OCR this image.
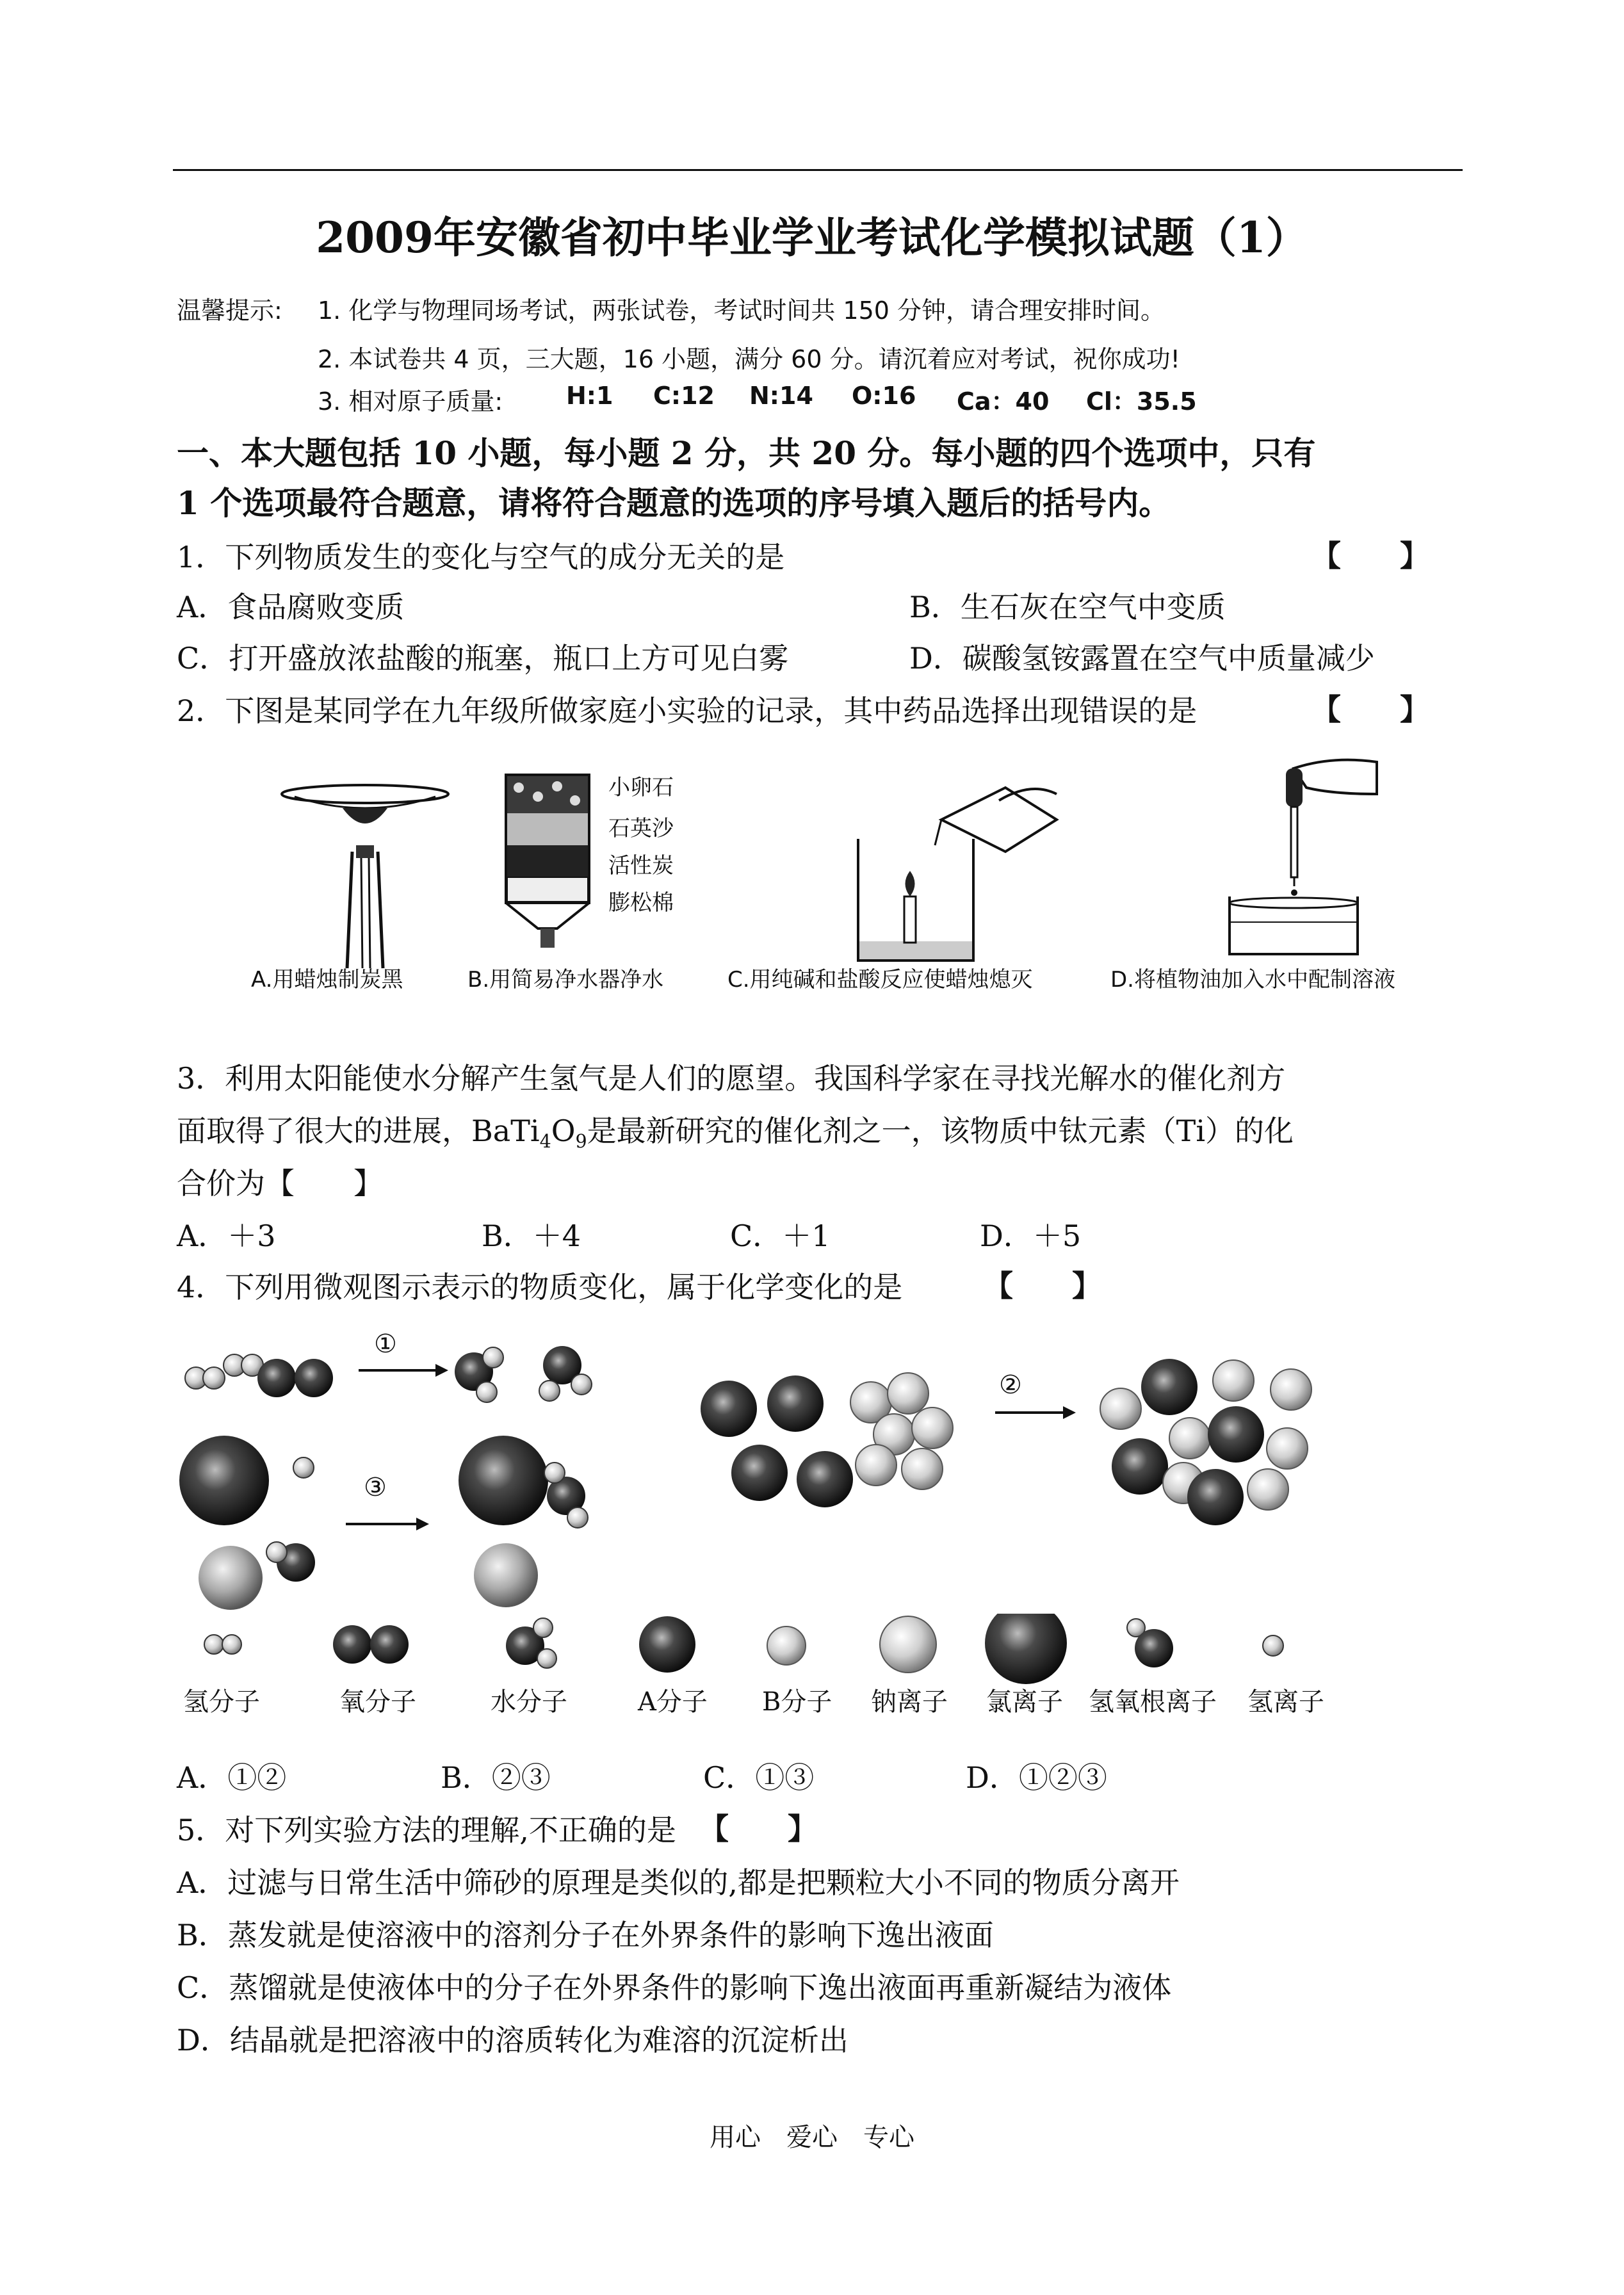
2009年安徽省初中毕业学业考试化学模拟试题（1）
温馨提示: 1. 化学与物理同场考试，两张试卷，考试时间共 150 分钟，请合理安排时间。
2. 本试卷共 4 页，三大题，16 小题，满分 60 分。请沉着应对考试，祝你成功!
3. 相对原子质量:	H:1 C:12 N:14 O:16 Ca：40 Cl：35.5
一、本大题包括 10 小题，每小题 2 分，共 20 分。每小题的四个选项中，只有
1 个选项最符合题意，请将符合题意的选项的序号填入题后的括号内。
1．下列物质发生的变化与空气的成分无关的是	【　　】
A．食品腐败变质	B．生石灰在空气中变质
C．打开盛放浓盐酸的瓶塞，瓶口上方可见白雾	D．碳酸氢铵露置在空气中质量减少
2．下图是某同学在九年级所做家庭小实验的记录，其中药品选择出现错误的是	【　　】
小卵石
石英沙
活性炭
膨松棉
A.用蜡烛制炭黑	B.用简易净水器净水	C.用纯碱和盐酸反应使蜡烛熄灭	D.将植物油加入水中配制溶液
3．利用太阳能使水分解产生氢气是人们的愿望。我国科学家在寻找光解水的催化剂方
面取得了很大的进展，$BaTi_4O_9$是最新研究的催化剂之一，该物质中钛元素（Ti）的化
合价为【　　】
A．＋3	B．＋4	C．＋1	D．＋5
4．下列用微观图示表示的物质变化，属于化学变化的是	【　　】
①
②
③
氢分子	氧分子	水分子	A分子 B分子 钠离子 氯离子 氢氧根离子 氢离子
A．①②	B．②③	C．①③	D．①②③
5．对下列实验方法的理解,不正确的是 【　　】
A．过滤与日常生活中筛砂的原理是类似的,都是把颗粒大小不同的物质分离开
B．蒸发就是使溶液中的溶剂分子在外界条件的影响下逸出液面
C．蒸馏就是使液体中的分子在外界条件的影响下逸出液面再重新凝结为液体
D．结晶就是把溶液中的溶质转化为难溶的沉淀析出
用心　爱心　专心
